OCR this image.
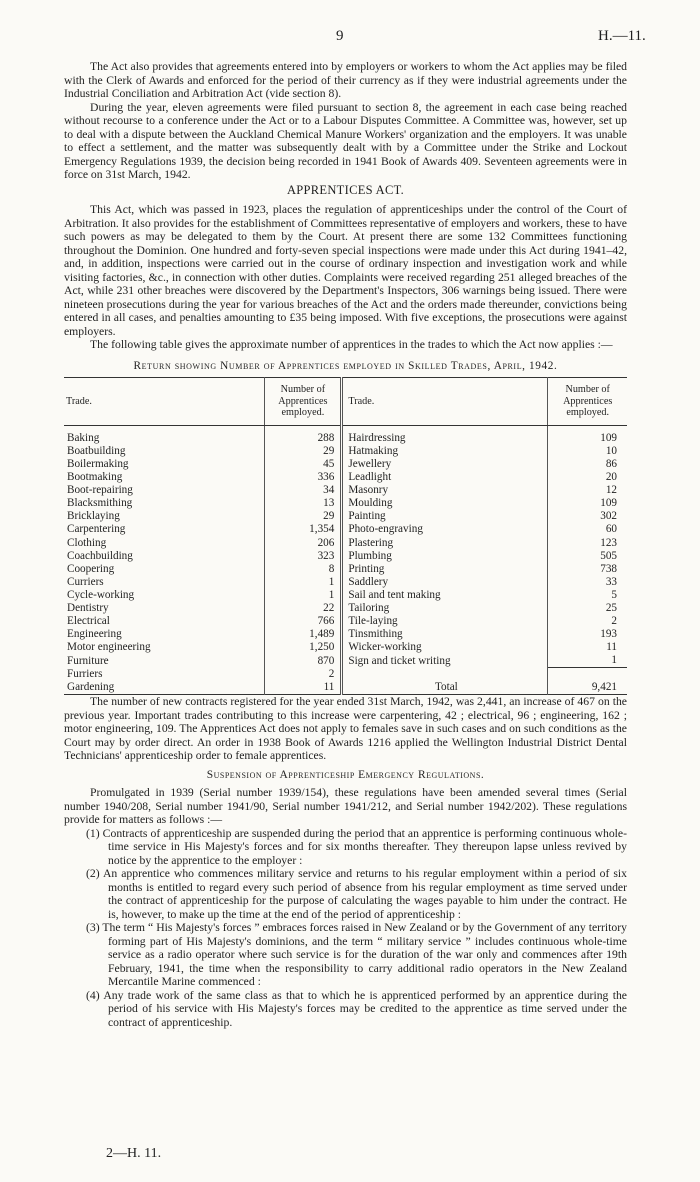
9	H.—11.

The Act also provides that agreements entered into by employers or workers to whom the Act applies may be filed with the Clerk of Awards and enforced for the period of their currency as if they were industrial agreements under the Industrial Conciliation and Arbitration Act (vide section 8).

During the year, eleven agreements were filed pursuant to section 8, the agreement in each case being reached without recourse to a conference under the Act or to a Labour Disputes Committee. A Committee was, however, set up to deal with a dispute between the Auckland Chemical Manure Workers' organization and the employers. It was unable to effect a settlement, and the matter was subsequently dealt with by a Committee under the Strike and Lockout Emergency Regulations 1939, the decision being recorded in 1941 Book of Awards 409. Seventeen agreements were in force on 31st March, 1942.

APPRENTICES ACT.

This Act, which was passed in 1923, places the regulation of apprenticeships under the control of the Court of Arbitration. It also provides for the establishment of Committees representative of employers and workers, these to have such powers as may be delegated to them by the Court. At present there are some 132 Committees functioning throughout the Dominion. One hundred and forty-seven special inspections were made under this Act during 1941–42, and, in addition, inspections were carried out in the course of ordinary inspection and investigation work and while visiting factories, &c., in connection with other duties. Complaints were received regarding 251 alleged breaches of the Act, while 231 other breaches were discovered by the Department's Inspectors, 306 warnings being issued. There were nineteen prosecutions during the year for various breaches of the Act and the orders made thereunder, convictions being entered in all cases, and penalties amounting to £35 being imposed. With five exceptions, the prosecutions were against employers.

The following table gives the approximate number of apprentices in the trades to which the Act now applies :—

Return showing Number of Apprentices employed in Skilled Trades, April, 1942.
Trade.	Number of Apprentices employed.	Trade.	Number of Apprentices employed.

Baking	288	Hairdressing	109
Boatbuilding	29	Hatmaking	10
Boilermaking	45	Jewellery	86
Bootmaking	336	Leadlight	20
Boot-repairing	34	Masonry	12
Blacksmithing	13	Moulding	109
Bricklaying	29	Painting	302
Carpentering	1,354	Photo-engraving	60
Clothing	206	Plastering	123
Coachbuilding	323	Plumbing	505
Coopering	8	Printing	738
Curriers	1	Saddlery	33
Cycle-working	1	Sail and tent making	5
Dentistry	22	Tailoring	25
Electrical	766	Tile-laying	2
Engineering	1,489	Tinsmithing	193
Motor engineering	1,250	Wicker-working	11
Furniture	870	Sign and ticket writing	1
Furriers	2		
Gardening	11	Total	9,421

The number of new contracts registered for the year ended 31st March, 1942, was 2,441, an increase of 467 on the previous year. Important trades contributing to this increase were carpentering, 42 ; electrical, 96 ; engineering, 162 ; motor engineering, 109. The Apprentices Act does not apply to females save in such cases and on such conditions as the Court may by order direct. An order in 1938 Book of Awards 1216 applied the Wellington Industrial District Dental Technicians' apprenticeship order to female apprentices.

Suspension of Apprenticeship Emergency Regulations.

Promulgated in 1939 (Serial number 1939/154), these regulations have been amended several times (Serial number 1940/208, Serial number 1941/90, Serial number 1941/212, and Serial number 1942/202). These regulations provide for matters as follows :—

(1) Contracts of apprenticeship are suspended during the period that an apprentice is performing continuous whole-time service in His Majesty's forces and for six months thereafter. They thereupon lapse unless revived by notice by the apprentice to the employer :
(2) An apprentice who commences military service and returns to his regular employment within a period of six months is entitled to regard every such period of absence from his regular employment as time served under the contract of apprenticeship for the purpose of calculating the wages payable to him under the contract. He is, however, to make up the time at the end of the period of apprenticeship :
(3) The term “ His Majesty's forces ” embraces forces raised in New Zealand or by the Government of any territory forming part of His Majesty's dominions, and the term “ military service ” includes continuous whole-time service as a radio operator where such service is for the duration of the war only and commences after 19th February, 1941, the time when the responsibility to carry additional radio operators in the New Zealand Mercantile Marine commenced :
(4) Any trade work of the same class as that to which he is apprenticed performed by an apprentice during the period of his service with His Majesty's forces may be credited to the apprentice as time served under the contract of apprenticeship.
2—H. 11.
